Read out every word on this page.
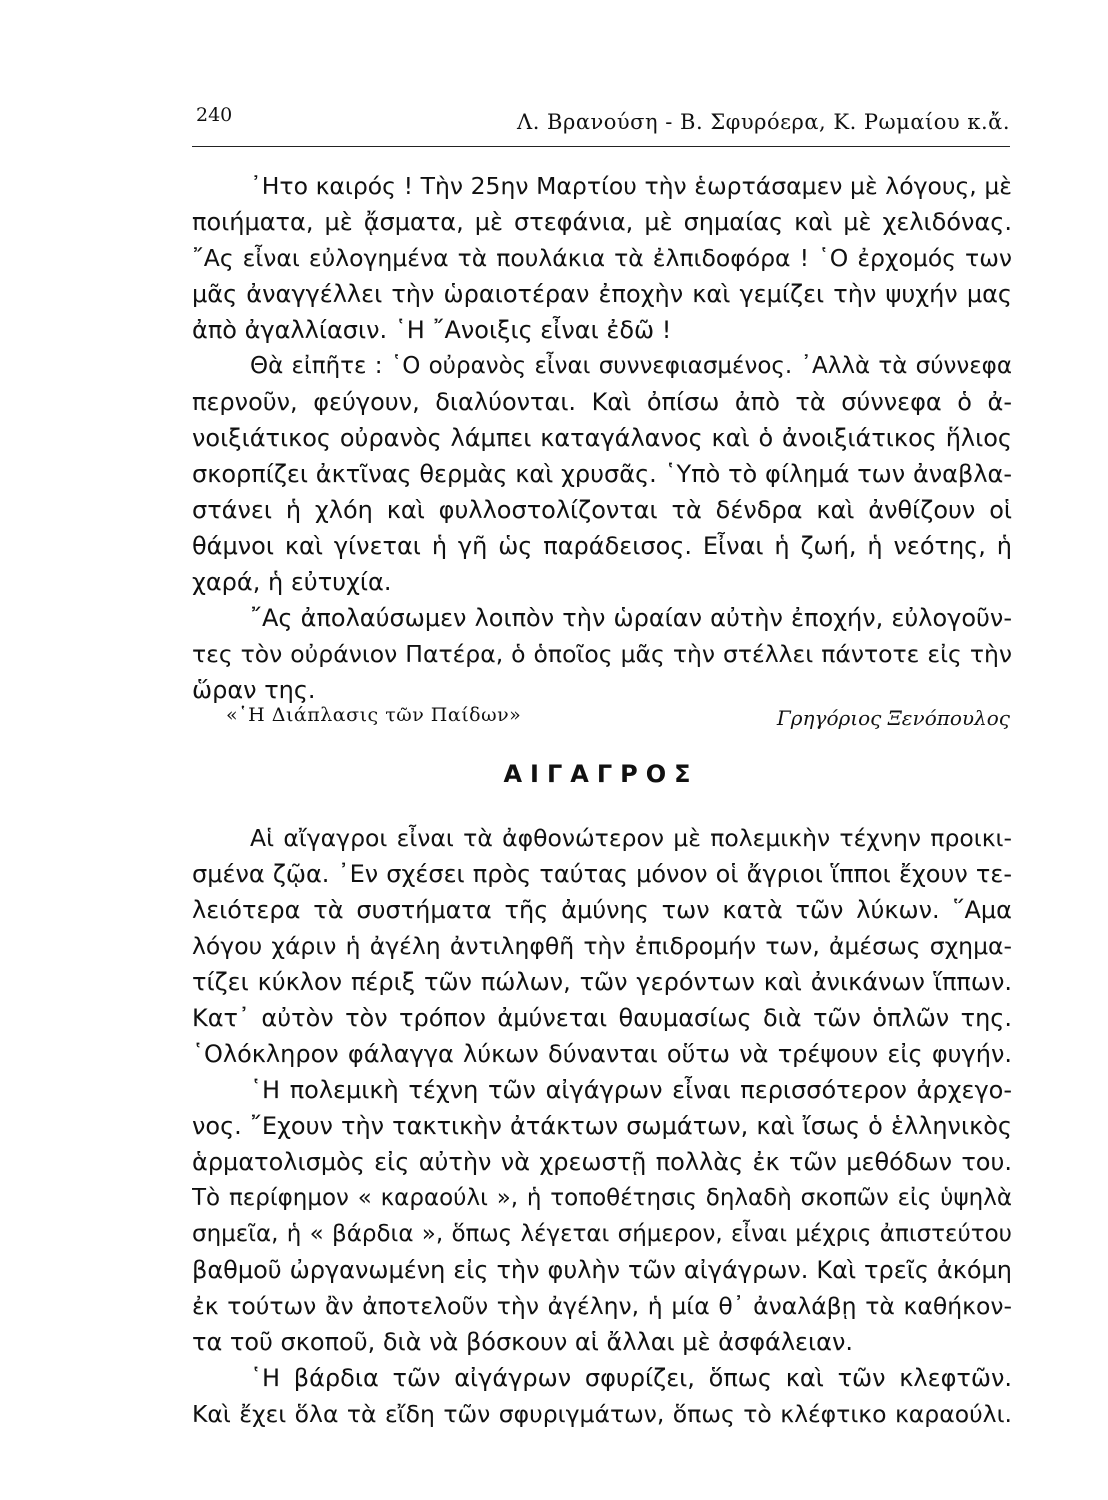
240	Λ. Βρανούση - Β. Σφυρόερα, Κ. Ρωμαίου κ.ἄ.
᾿Ητο καιρός ! Τὴν 25ην Μαρτίου τὴν ἑωρτάσαμεν μὲ λόγους, μὲ
ποιήματα, μὲ ᾄσματα, μὲ στεφάνια, μὲ σημαίας καὶ μὲ χελιδόνας.
῎Ας εἶναι εὐλογημένα τὰ πουλάκια τὰ ἐλπιδοφόρα ! ῾Ο ἐρχομός των
μᾶς ἀναγγέλλει τὴν ὡραιοτέραν ἐποχὴν καὶ γεμίζει τὴν ψυχήν μας
ἀπὸ ἀγαλλίασιν. ῾Η ῎Ανοιξις εἶναι ἐδῶ !
Θὰ εἰπῆτε : ῾Ο οὐρανὸς εἶναι συννεφιασμένος. ᾿Αλλὰ τὰ σύννεφα
περνοῦν, φεύγουν, διαλύονται. Καὶ ὀπίσω ἀπὸ τὰ σύννεφα ὁ ἀ-
νοιξιάτικος οὐρανὸς λάμπει καταγάλανος καὶ ὁ ἀνοιξιάτικος ἥλιος
σκορπίζει ἀκτῖνας θερμὰς καὶ χρυσᾶς. ῾Υπὸ τὸ φίλημά των ἀναβλα-
στάνει ἡ χλόη καὶ φυλλοστολίζονται τὰ δένδρα καὶ ἀνθίζουν οἱ
θάμνοι καὶ γίνεται ἡ γῆ ὡς παράδεισος. Εἶναι ἡ ζωή, ἡ νεότης, ἡ
χαρά, ἡ εὐτυχία.
῎Ας ἀπολαύσωμεν λοιπὸν τὴν ὡραίαν αὐτὴν ἐποχήν, εὐλογοῦν-
τες τὸν οὐράνιον Πατέρα, ὁ ὁποῖος μᾶς τὴν στέλλει πάντοτε εἰς τὴν
ὥραν της.
«῾Η Διάπλασις τῶν Παίδων»	Γρηγόριος Ξενόπουλος
ΑΙΓΑΓΡΟΣ
Αἱ αἴγαγροι εἶναι τὰ ἀφθονώτερον μὲ πολεμικὴν τέχνην προικι-
σμένα ζῷα. ᾿Εν σχέσει πρὸς ταύτας μόνον οἱ ἄγριοι ἵπποι ἔχουν τε-
λειότερα τὰ συστήματα τῆς ἀμύνης των κατὰ τῶν λύκων. ῞Αμα
λόγου χάριν ἡ ἀγέλη ἀντιληφθῆ τὴν ἐπιδρομήν των, ἀμέσως σχημα-
τίζει κύκλον πέριξ τῶν πώλων, τῶν γερόντων καὶ ἀνικάνων ἵππων.
Κατ᾿ αὐτὸν τὸν τρόπον ἀμύνεται θαυμασίως διὰ τῶν ὁπλῶν της.
῾Ολόκληρον φάλαγγα λύκων δύνανται οὕτω νὰ τρέψουν εἰς φυγήν.
῾Η πολεμικὴ τέχνη τῶν αἰγάγρων εἶναι περισσότερον ἀρχεγο-
νος. ῎Εχουν τὴν τακτικὴν ἀτάκτων σωμάτων, καὶ ἴσως ὁ ἑλληνικὸς
ἁρματολισμὸς εἰς αὐτὴν νὰ χρεωστῇ πολλὰς ἐκ τῶν μεθόδων του.
Τὸ περίφημον « καραούλι », ἡ τοποθέτησις δηλαδὴ σκοπῶν εἰς ὑψηλὰ
σημεῖα, ἡ « βάρδια », ὅπως λέγεται σήμερον, εἶναι μέχρις ἀπιστεύτου
βαθμοῦ ὠργανωμένη εἰς τὴν φυλὴν τῶν αἰγάγρων. Καὶ τρεῖς ἀκόμη
ἐκ τούτων ἂν ἀποτελοῦν τὴν ἀγέλην, ἡ μία θ᾿ ἀναλάβῃ τὰ καθήκον-
τα τοῦ σκοποῦ, διὰ νὰ βόσκουν αἱ ἄλλαι μὲ ἀσφάλειαν.
῾Η βάρδια τῶν αἰγάγρων σφυρίζει, ὅπως καὶ τῶν κλεφτῶν.
Καὶ ἔχει ὅλα τὰ εἴδη τῶν σφυριγμάτων, ὅπως τὸ κλέφτικο καραούλι.
